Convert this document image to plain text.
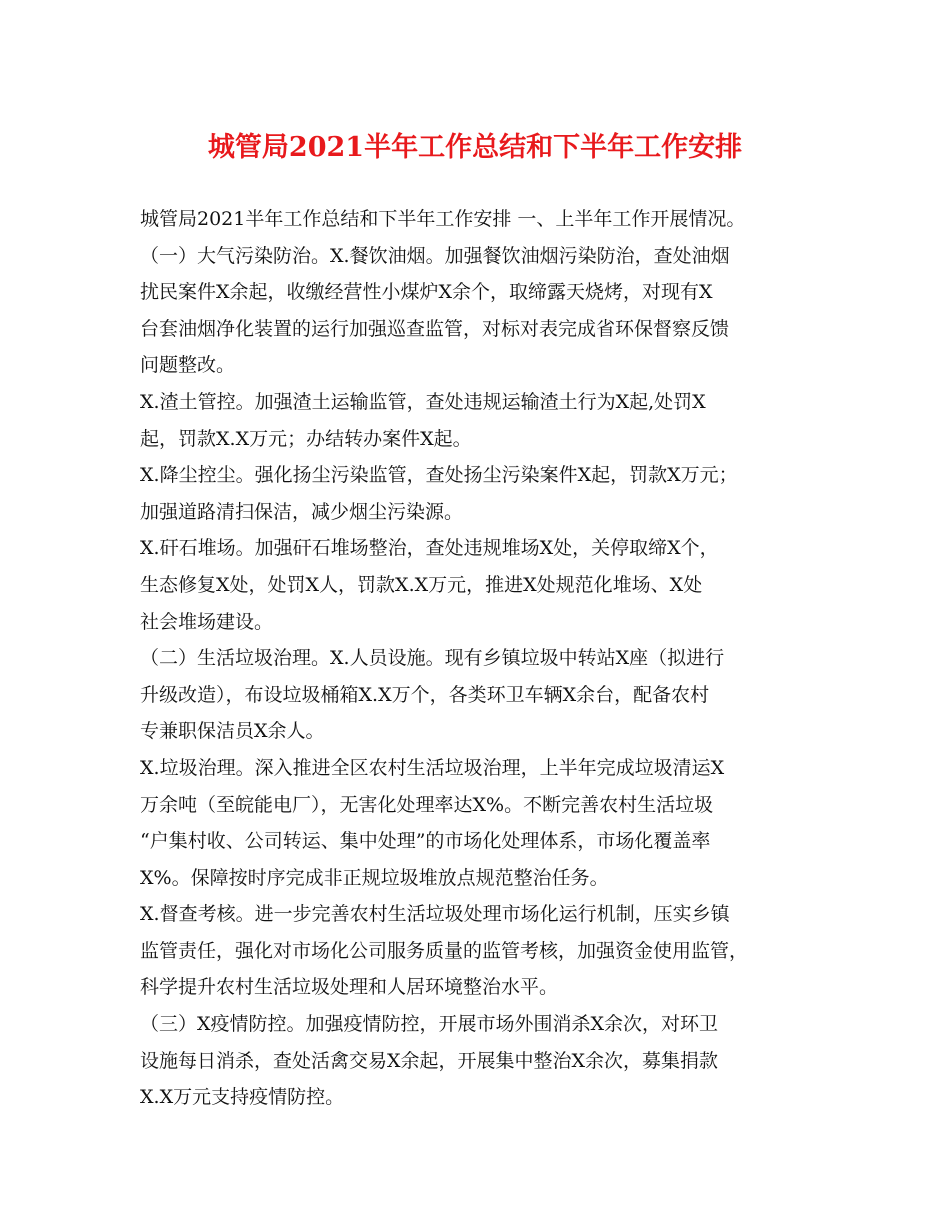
城管局2021半年工作总结和下半年工作安排
城管局2021半年工作总结和下半年工作安排 一、上半年工作开展情况。
（一）大气污染防治。X.餐饮油烟。加强餐饮油烟污染防治，查处油烟
扰民案件X余起，收缴经营性小煤炉X余个，取缔露天烧烤，对现有X
台套油烟净化装置的运行加强巡查监管，对标对表完成省环保督察反馈
问题整改。
X.渣土管控。加强渣土运输监管，查处违规运输渣土行为X起,处罚X
起，罚款X.X万元；办结转办案件X起。
X.降尘控尘。强化扬尘污染监管，查处扬尘污染案件X起，罚款X万元；
加强道路清扫保洁，减少烟尘污染源。
X.矸石堆场。加强矸石堆场整治，查处违规堆场X处，关停取缔X个，
生态修复X处，处罚X人，罚款X.X万元，推进X处规范化堆场、X处
社会堆场建设。
（二）生活垃圾治理。X.人员设施。现有乡镇垃圾中转站X座（拟进行
升级改造），布设垃圾桶箱X.X万个，各类环卫车辆X余台，配备农村
专兼职保洁员X余人。
X.垃圾治理。深入推进全区农村生活垃圾治理，上半年完成垃圾清运X
万余吨（至皖能电厂），无害化处理率达X%。不断完善农村生活垃圾
“户集村收、公司转运、集中处理”的市场化处理体系，市场化覆盖率
X%。保障按时序完成非正规垃圾堆放点规范整治任务。
X.督查考核。进一步完善农村生活垃圾处理市场化运行机制，压实乡镇
监管责任，强化对市场化公司服务质量的监管考核，加强资金使用监管，
科学提升农村生活垃圾处理和人居环境整治水平。
（三）X疫情防控。加强疫情防控，开展市场外围消杀X余次，对环卫
设施每日消杀，查处活禽交易X余起，开展集中整治X余次，募集捐款
X.X万元支持疫情防控。
